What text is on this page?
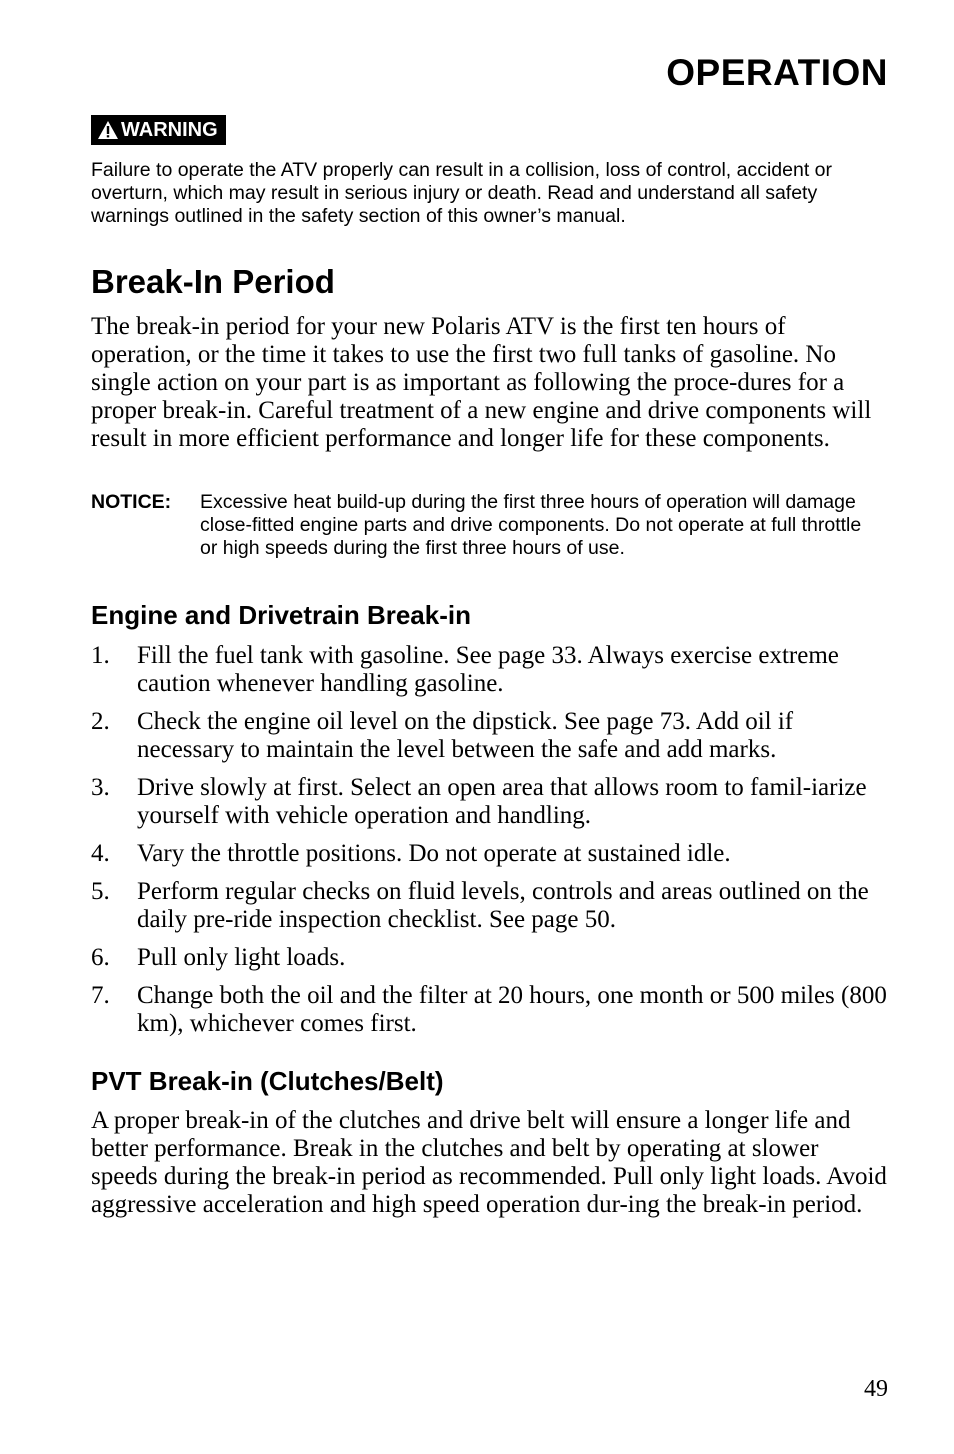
OPERATION
WARNING

Failure to operate the ATV properly can result in a collision, loss of control, accident or overturn, which may result in serious injury or death. Read and understand all safety warnings outlined in the safety section of this owner’s manual.

Break-In Period

The break-in period for your new Polaris ATV is the first ten hours of operation, or the time it takes to use the first two full tanks of gasoline. No single action on your part is as important as following the proce-dures for a proper break-in. Careful treatment of a new engine and drive components will result in more efficient performance and longer life for these components.

NOTICE: Excessive heat build-up during the first three hours of operation will damage close-fitted engine parts and drive components. Do not operate at full throttle or high speeds during the first three hours of use.
Engine and Drivetrain Break-in
1. Fill the fuel tank with gasoline. See page 33. Always exercise extreme caution whenever handling gasoline.
2. Check the engine oil level on the dipstick. See page 73. Add oil if necessary to maintain the level between the safe and add marks.
3. Drive slowly at first. Select an open area that allows room to famil-iarize yourself with vehicle operation and handling.
4. Vary the throttle positions. Do not operate at sustained idle.
5. Perform regular checks on fluid levels, controls and areas outlined on the daily pre-ride inspection checklist. See page 50.
6. Pull only light loads.
7. Change both the oil and the filter at 20 hours, one month or 500 miles (800 km), whichever comes first.
PVT Break-in (Clutches/Belt)

A proper break-in of the clutches and drive belt will ensure a longer life and better performance. Break in the clutches and belt by operating at slower speeds during the break-in period as recommended. Pull only light loads. Avoid aggressive acceleration and high speed operation dur-ing the break-in period.

49
